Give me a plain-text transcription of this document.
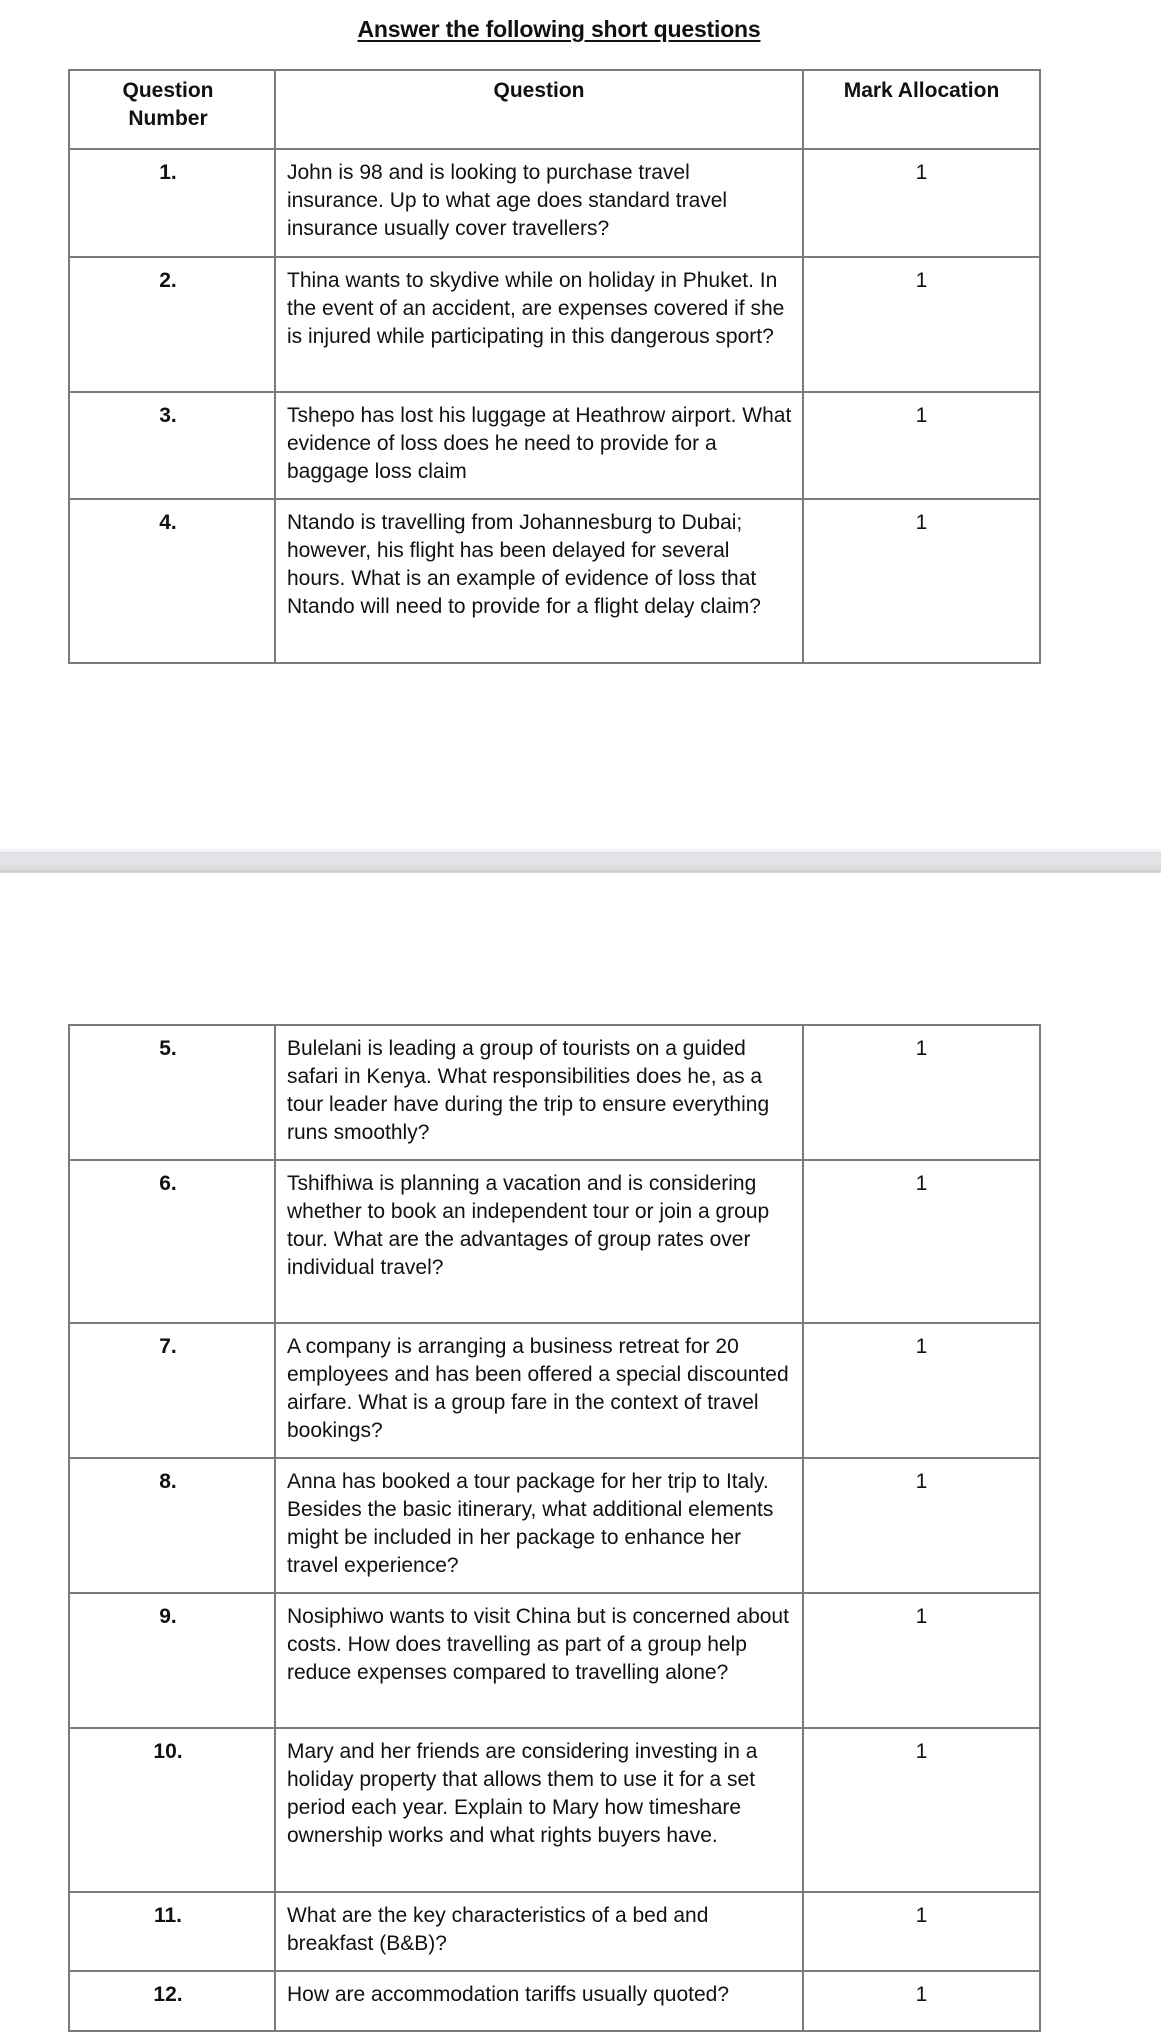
Answer the following short questions
Question Number	Question	Mark Allocation

1.	John is 98 and is looking to purchase travel insurance. Up to what age does standard travel insurance usually cover travellers?	1

2.	Thina wants to skydive while on holiday in Phuket. In the event of an accident, are expenses covered if she is injured while participating in this dangerous sport?	1

3.	Tshepo has lost his luggage at Heathrow airport. What evidence of loss does he need to provide for a baggage loss claim	1

4.	Ntando is travelling from Johannesburg to Dubai; however, his flight has been delayed for several hours. What is an example of evidence of loss that Ntando will need to provide for a flight delay claim?	1
5.	Bulelani is leading a group of tourists on a guided safari in Kenya. What responsibilities does he, as a tour leader have during the trip to ensure everything runs smoothly?	1

6.	Tshifhiwa is planning a vacation and is considering whether to book an independent tour or join a group tour. What are the advantages of group rates over individual travel?	1

7.	A company is arranging a business retreat for 20 employees and has been offered a special discounted airfare. What is a group fare in the context of travel bookings?	1

8.	Anna has booked a tour package for her trip to Italy. Besides the basic itinerary, what additional elements might be included in her package to enhance her travel experience?	1

9.	Nosiphiwo wants to visit China but is concerned about costs. How does travelling as part of a group help reduce expenses compared to travelling alone?	1

10.	Mary and her friends are considering investing in a holiday property that allows them to use it for a set period each year. Explain to Mary how timeshare ownership works and what rights buyers have.	1

11.	What are the key characteristics of a bed and breakfast (B&B)?	1

12.	How are accommodation tariffs usually quoted?	1
